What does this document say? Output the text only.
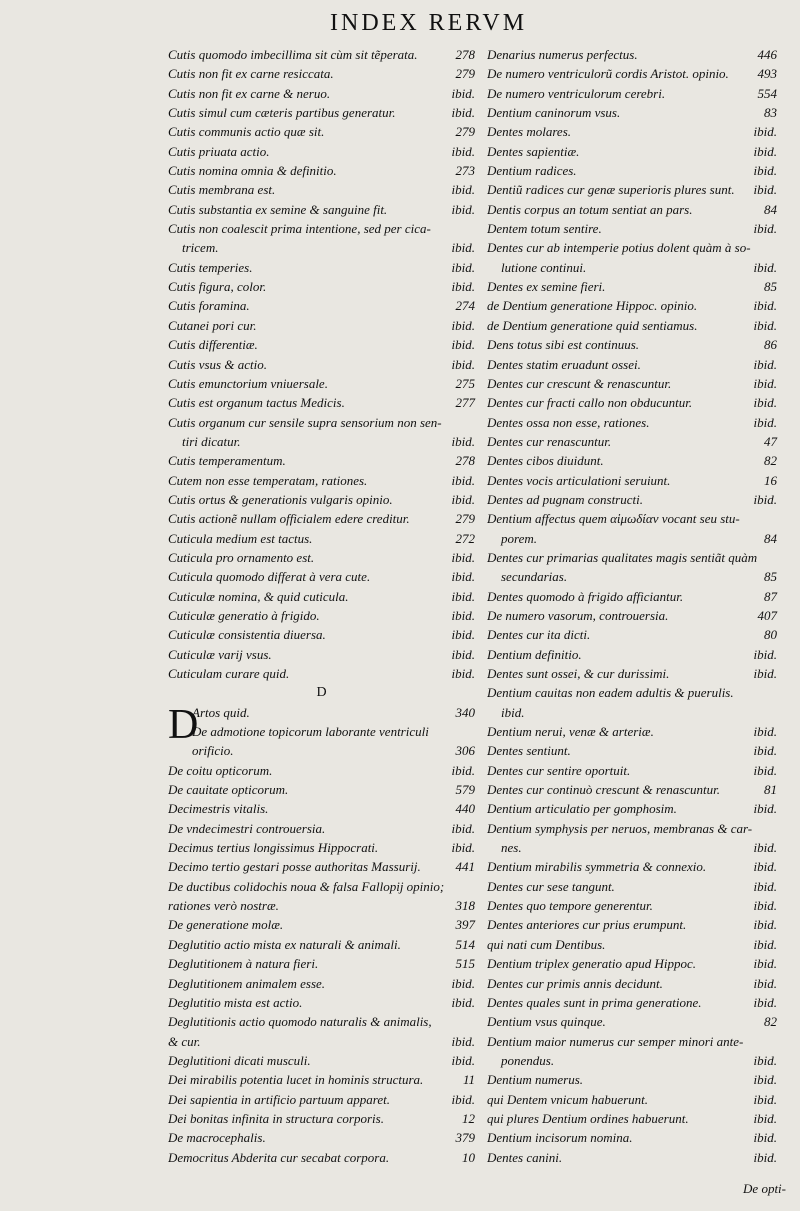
INDEX RERVM
Cutis quomodo imbecillima sit cùm sit tẽperata.	278
Cutis non fit ex carne resiccata.	279
Cutis non fit ex carne & neruo.	ibid.
Cutis simul cum cæteris partibus generatur.	ibid.
Cutis communis actio quæ sit.	279
Cutis priuata actio.	ibid.
Cutis nomina omnia & definitio.	273
Cutis membrana est.	ibid.
Cutis substantia ex semine & sanguine fit.	ibid.
Cutis non coalescit prima intentione, sed per cica-
tricem.	ibid.
Cutis temperies.	ibid.
Cutis figura, color.	ibid.
Cutis foramina.	274
Cutanei pori cur.	ibid.
Cutis differentiæ.	ibid.
Cutis vsus & actio.	ibid.
Cutis emunctorium vniuersale.	275
Cutis est organum tactus Medicis.	277
Cutis organum cur sensile supra sensorium non sen-
tiri dicatur.	ibid.
Cutis temperamentum.	278
Cutem non esse temperatam, rationes.	ibid.
Cutis ortus & generationis vulgaris opinio.	ibid.
Cutis actionẽ nullam officialem edere creditur.	279
Cuticula medium est tactus.	272
Cuticula pro ornamento est.	ibid.
Cuticula quomodo differat à vera cute.	ibid.
Cuticulæ nomina, & quid cuticula.	ibid.
Cuticulæ generatio à frigido.	ibid.
Cuticulæ consistentia diuersa.	ibid.
Cuticulæ varij vsus.	ibid.
Cuticulam curare quid.	ibid.
D
D
Artos quid.	340
De admotione topicorum laborante ventriculi
orificio.	306
De coitu opticorum.	ibid.
De cauitate opticorum.	579
Decimestris vitalis.	440
De vndecimestri controuersia.	ibid.
Decimus tertius longissimus Hippocrati.	ibid.
Decimo tertio gestari posse authoritas Massurij.	441
De ductibus colidochis noua & falsa Fallopij opinio;
rationes verò nostræ.	318
De generatione molæ.	397
Deglutitio actio mista ex naturali & animali.	514
Deglutitionem à natura fieri.	515
Deglutitionem animalem esse.	ibid.
Deglutitio mista est actio.	ibid.
Deglutitionis actio quomodo naturalis & animalis,
& cur.	ibid.
Deglutitioni dicati musculi.	ibid.
Dei mirabilis potentia lucet in hominis structura.	11
Dei sapientia in artificio partuum apparet.	ibid.
Dei bonitas infinita in structura corporis.	12
De macrocephalis.	379
Democritus Abderita cur secabat corpora.	10
Denarius numerus perfectus.	446
De numero ventriculorũ cordis Aristot. opinio.	493
De numero ventriculorum cerebri.	554
Dentium caninorum vsus.	83
Dentes molares.	ibid.
Dentes sapientiæ.	ibid.
Dentium radices.	ibid.
Dentiũ radices cur genæ superioris plures sunt.	ibid.
Dentis corpus an totum sentiat an pars.	84
Dentem totum sentire.	ibid.
Dentes cur ab intemperie potius dolent quàm à so-
lutione continui.	ibid.
Dentes ex semine fieri.	85
de Dentium generatione Hippoc. opinio.	ibid.
de Dentium generatione quid sentiamus.	ibid.
Dens totus sibi est continuus.	86
Dentes statim eruadunt ossei.	ibid.
Dentes cur crescunt & renascuntur.	ibid.
Dentes cur fracti callo non obducuntur.	ibid.
Dentes ossa non esse, rationes.	ibid.
Dentes cur renascuntur.	47
Dentes cibos diuidunt.	82
Dentes vocis articulationi seruiunt.	16
Dentes ad pugnam constructi.	ibid.
Dentium affectus quem αἱμωδίαν vocant seu stu-
porem.	84
Dentes cur primarias qualitates magis sentiãt quàm
secundarias.	85
Dentes quomodo à frigido afficiantur.	87
De numero vasorum, controuersia.	407
Dentes cur ita dicti.	80
Dentium definitio.	ibid.
Dentes sunt ossei, & cur durissimi.	ibid.
Dentium cauitas non eadem adultis & puerulis.
ibid.
Dentium nerui, venæ & arteriæ.	ibid.
Dentes sentiunt.	ibid.
Dentes cur sentire oportuit.	ibid.
Dentes cur continuò crescunt & renascuntur.	81
Dentium articulatio per gomphosim.	ibid.
Dentium symphysis per neruos, membranas & car-
nes.	ibid.
Dentium mirabilis symmetria & connexio.	ibid.
Dentes cur sese tangunt.	ibid.
Dentes quo tempore generentur.	ibid.
Dentes anteriores cur prius erumpunt.	ibid.
qui nati cum Dentibus.	ibid.
Dentium triplex generatio apud Hippoc.	ibid.
Dentes cur primis annis decidunt.	ibid.
Dentes quales sunt in prima generatione.	ibid.
Dentium vsus quinque.	82
Dentium maior numerus cur semper minori ante-
ponendus.	ibid.
Dentium numerus.	ibid.
qui Dentem vnicum habuerunt.	ibid.
qui plures Dentium ordines habuerunt.	ibid.
Dentium incisorum nomina.	ibid.
Dentes canini.	ibid.
De opti-
